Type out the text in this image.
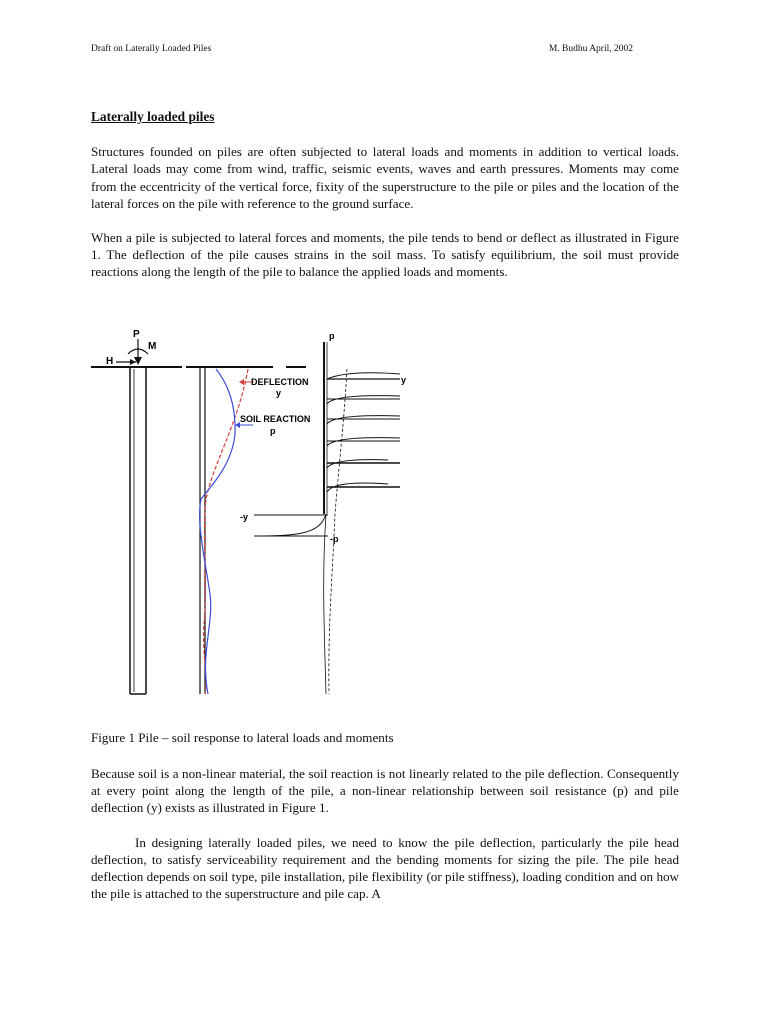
Draft on Laterally Loaded Piles	M. Budhu April, 2002
Laterally loaded piles

Structures founded on piles are often subjected to lateral loads and moments in addition to vertical loads. Lateral loads may come from wind, traffic, seismic events, waves and earth pressures. Moments may come from the eccentricity of the vertical force, fixity of the superstructure to the pile or piles and the location of the lateral forces on the pile with reference to the ground surface.

When a pile is subjected to lateral forces and moments, the pile tends to bend or deflect as illustrated in Figure 1. The deflection of the pile causes strains in the soil mass. To satisfy equilibrium, the soil must provide reactions along the length of the pile to balance the applied loads and moments.

P
M
H
DEFLECTION
y
SOIL REACTION
p
p
y
-y
-p
Figure 1 Pile – soil response to lateral loads and moments

Because soil is a non-linear material, the soil reaction is not linearly related to the pile deflection. Consequently at every point along the length of the pile, a non-linear relationship between soil resistance (p) and pile deflection (y) exists as illustrated in Figure 1.

In designing laterally loaded piles, we need to know the pile deflection, particularly the pile head deflection, to satisfy serviceability requirement and the bending moments for sizing the pile. The pile head deflection depends on soil type, pile installation, pile flexibility (or pile stiffness), loading condition and on how the pile is attached to the superstructure and pile cap. A
